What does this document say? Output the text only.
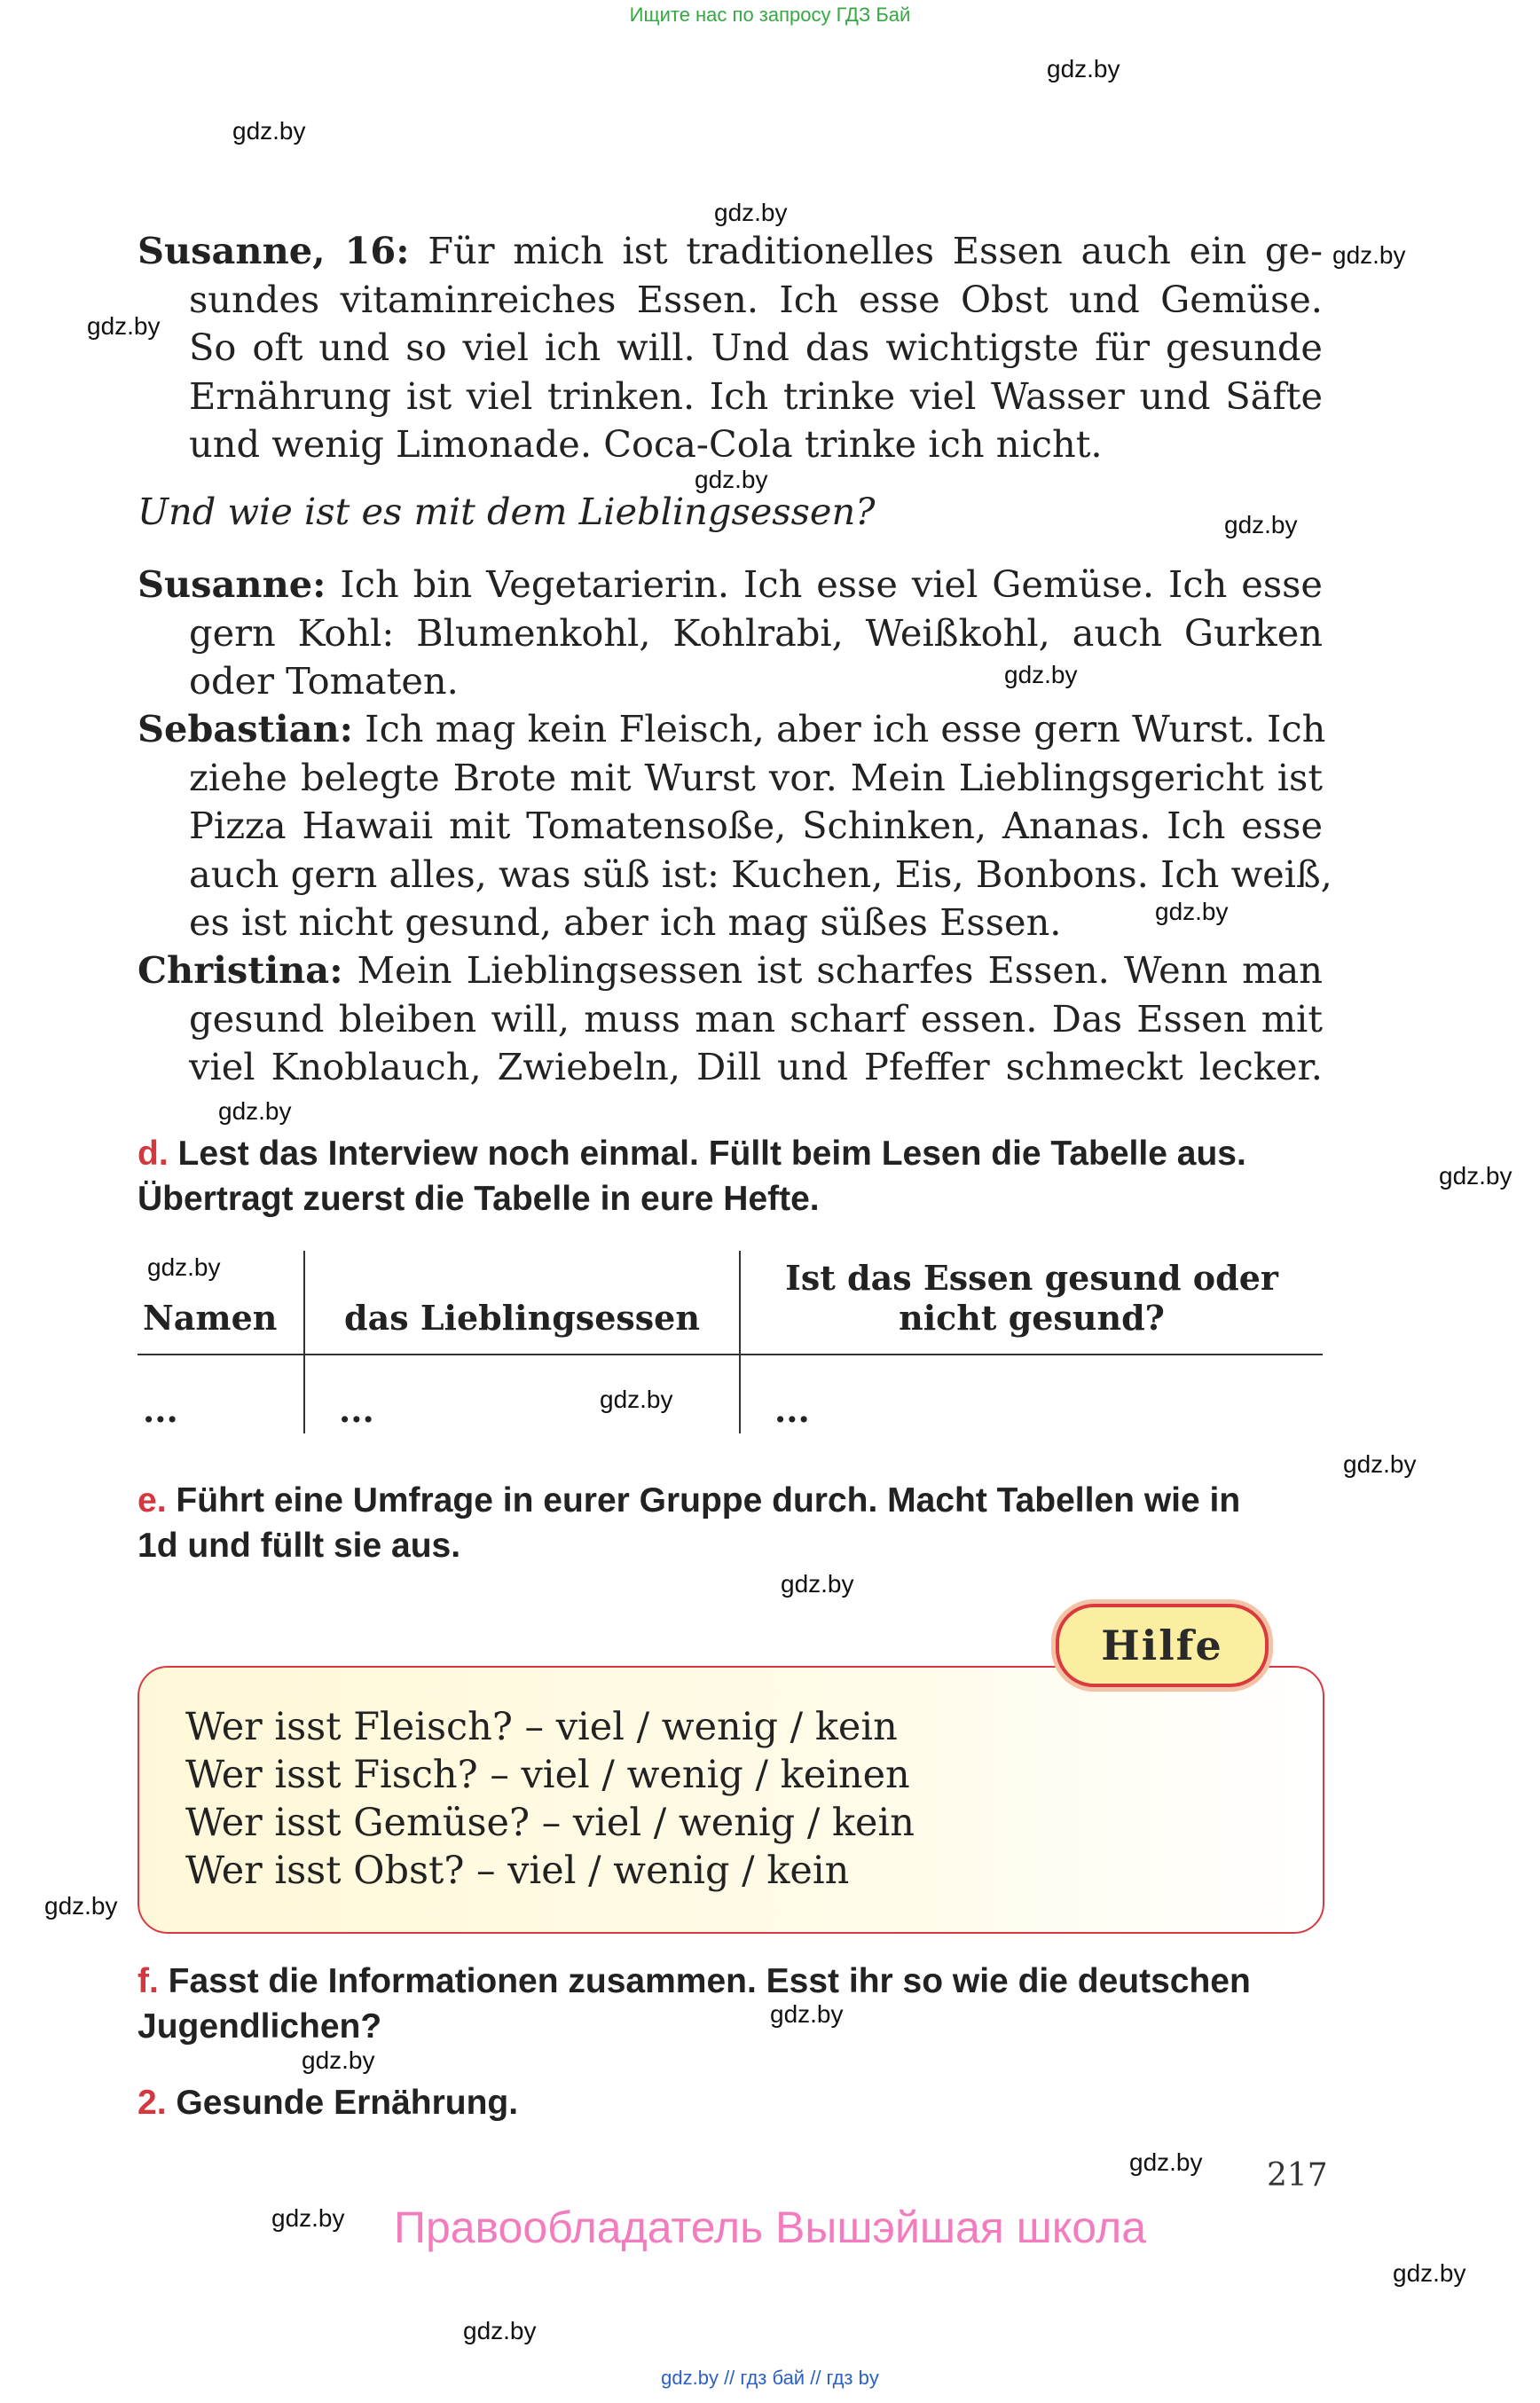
Ищите нас по запросу ГДЗ Бай
gdz.by
gdz.by
gdz.by
gdz.by
gdz.by
gdz.by
gdz.by
gdz.by
gdz.by
gdz.by
gdz.by
gdz.by
gdz.by
gdz.by
gdz.by
gdz.by
gdz.by
gdz.by
gdz.by
gdz.by
gdz.by
gdz.by
Susanne, 16: Für mich ist traditionelles Essen auch ein ge-
sundes vitaminreiches Essen. Ich esse Obst und Gemüse.
So oft und so viel ich will. Und das wichtigste für gesunde
Ernährung ist viel trinken. Ich trinke viel Wasser und Säfte
und wenig Limonade. Coca-Cola trinke ich nicht.
Und wie ist es mit dem Lieblingsessen?
Susanne: Ich bin Vegetarierin. Ich esse viel Gemüse. Ich esse
gern Kohl: Blumenkohl, Kohlrabi, Weißkohl, auch Gurken
oder Tomaten.
Sebastian: Ich mag kein Fleisch, aber ich esse gern Wurst. Ich
ziehe belegte Brote mit Wurst vor. Mein Lieblingsgericht ist
Pizza Hawaii mit Tomatensoße, Schinken, Ananas. Ich esse
auch gern alles, was süß ist: Kuchen, Eis, Bonbons. Ich weiß,
es ist nicht gesund, aber ich mag süßes Essen.
Christina: Mein Lieblingsessen ist scharfes Essen. Wenn man
gesund bleiben will, muss man scharf essen. Das Essen mit
viel Knoblauch, Zwiebeln, Dill und Pfeffer schmeckt lecker.
d. Lest das Interview noch einmal. Füllt beim Lesen die Tabelle aus.
Übertragt zuerst die Tabelle in eure Hefte.
Namen	das Lieblingsessen	Ist das Essen gesund oder nicht gesund?
...	...	...
e. Führt eine Umfrage in eurer Gruppe durch. Macht Tabellen wie in
1d und füllt sie aus.
Wer isst Fleisch? – viel / wenig / kein
Wer isst Fisch? – viel / wenig / keinen
Wer isst Gemüse? – viel / wenig / kein
Wer isst Obst? – viel / wenig / kein
Hilfe
f. Fasst die Informationen zusammen. Esst ihr so wie die deutschen
Jugendlichen?
2. Gesunde Ernährung.
217
Правообладатель Вышэйшая школа
gdz.by // гдз бай // гдз by
